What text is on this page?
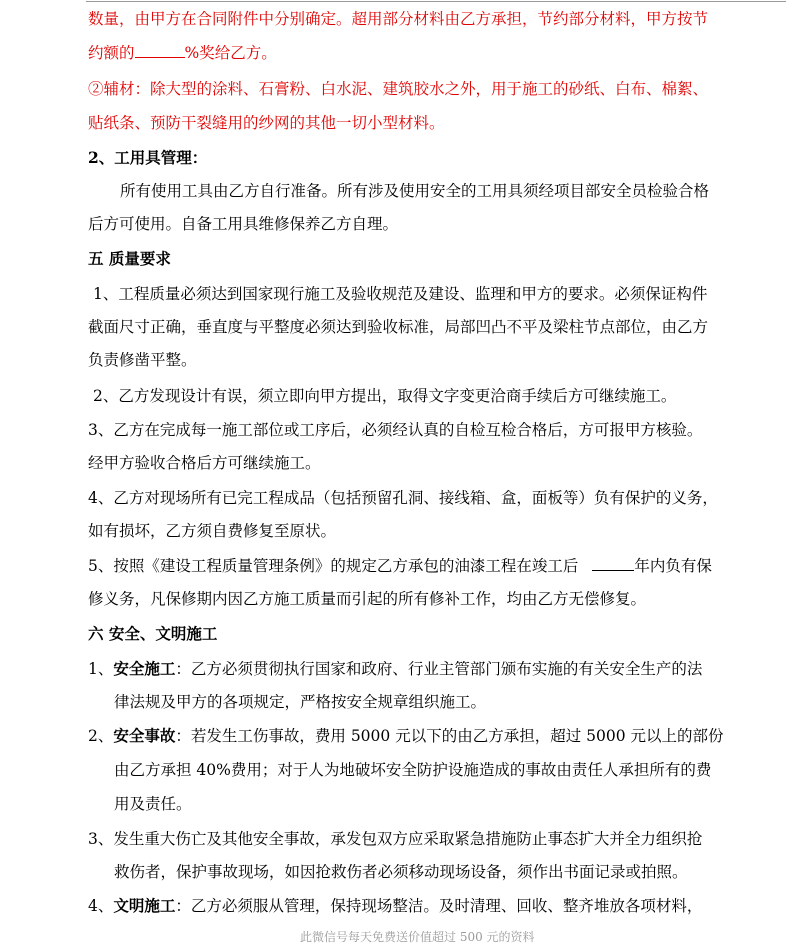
数量，由甲方在合同附件中分别确定。超用部分材料由乙方承担，节约部分材料，甲方按节
约额的	%奖给乙方。
②辅材：除大型的涂料、石膏粉、白水泥、建筑胶水之外，用于施工的砂纸、白布、棉絮、
贴纸条、预防干裂缝用的纱网的其他一切小型材料。
2、工用具管理：
所有使用工具由乙方自行准备。所有涉及使用安全的工用具须经项目部安全员检验合格
后方可使用。自备工用具维修保养乙方自理。
五 质量要求
1、工程质量必须达到国家现行施工及验收规范及建设、监理和甲方的要求。必须保证构件
截面尺寸正确，垂直度与平整度必须达到验收标准，局部凹凸不平及梁柱节点部位，由乙方
负责修凿平整。
2、乙方发现设计有误，须立即向甲方提出，取得文字变更洽商手续后方可继续施工。
3、乙方在完成每一施工部位或工序后，必须经认真的自检互检合格后，方可报甲方核验。
经甲方验收合格后方可继续施工。
4、乙方对现场所有已完工程成品（包括预留孔洞、接线箱、盒，面板等）负有保护的义务，
如有损坏，乙方须自费修复至原状。
5、按照《建设工程质量管理条例》的规定乙方承包的油漆工程在竣工后	年内负有保
修义务，凡保修期内因乙方施工质量而引起的所有修补工作，均由乙方无偿修复。
六 安全、文明施工
1、安全施工：乙方必须贯彻执行国家和政府、行业主管部门颁布实施的有关安全生产的法
律法规及甲方的各项规定，严格按安全规章组织施工。
2、安全事故：若发生工伤事故，费用 5000 元以下的由乙方承担，超过 5000 元以上的部份
由乙方承担 40%费用；对于人为地破坏安全防护设施造成的事故由责任人承担所有的费
用及责任。
3、发生重大伤亡及其他安全事故，承发包双方应采取紧急措施防止事态扩大并全力组织抢
救伤者，保护事故现场，如因抢救伤者必须移动现场设备，须作出书面记录或拍照。
4、文明施工：乙方必须服从管理，保持现场整洁。及时清理、回收、整齐堆放各项材料，
此微信号每天免费送价值超过 500 元的资料
